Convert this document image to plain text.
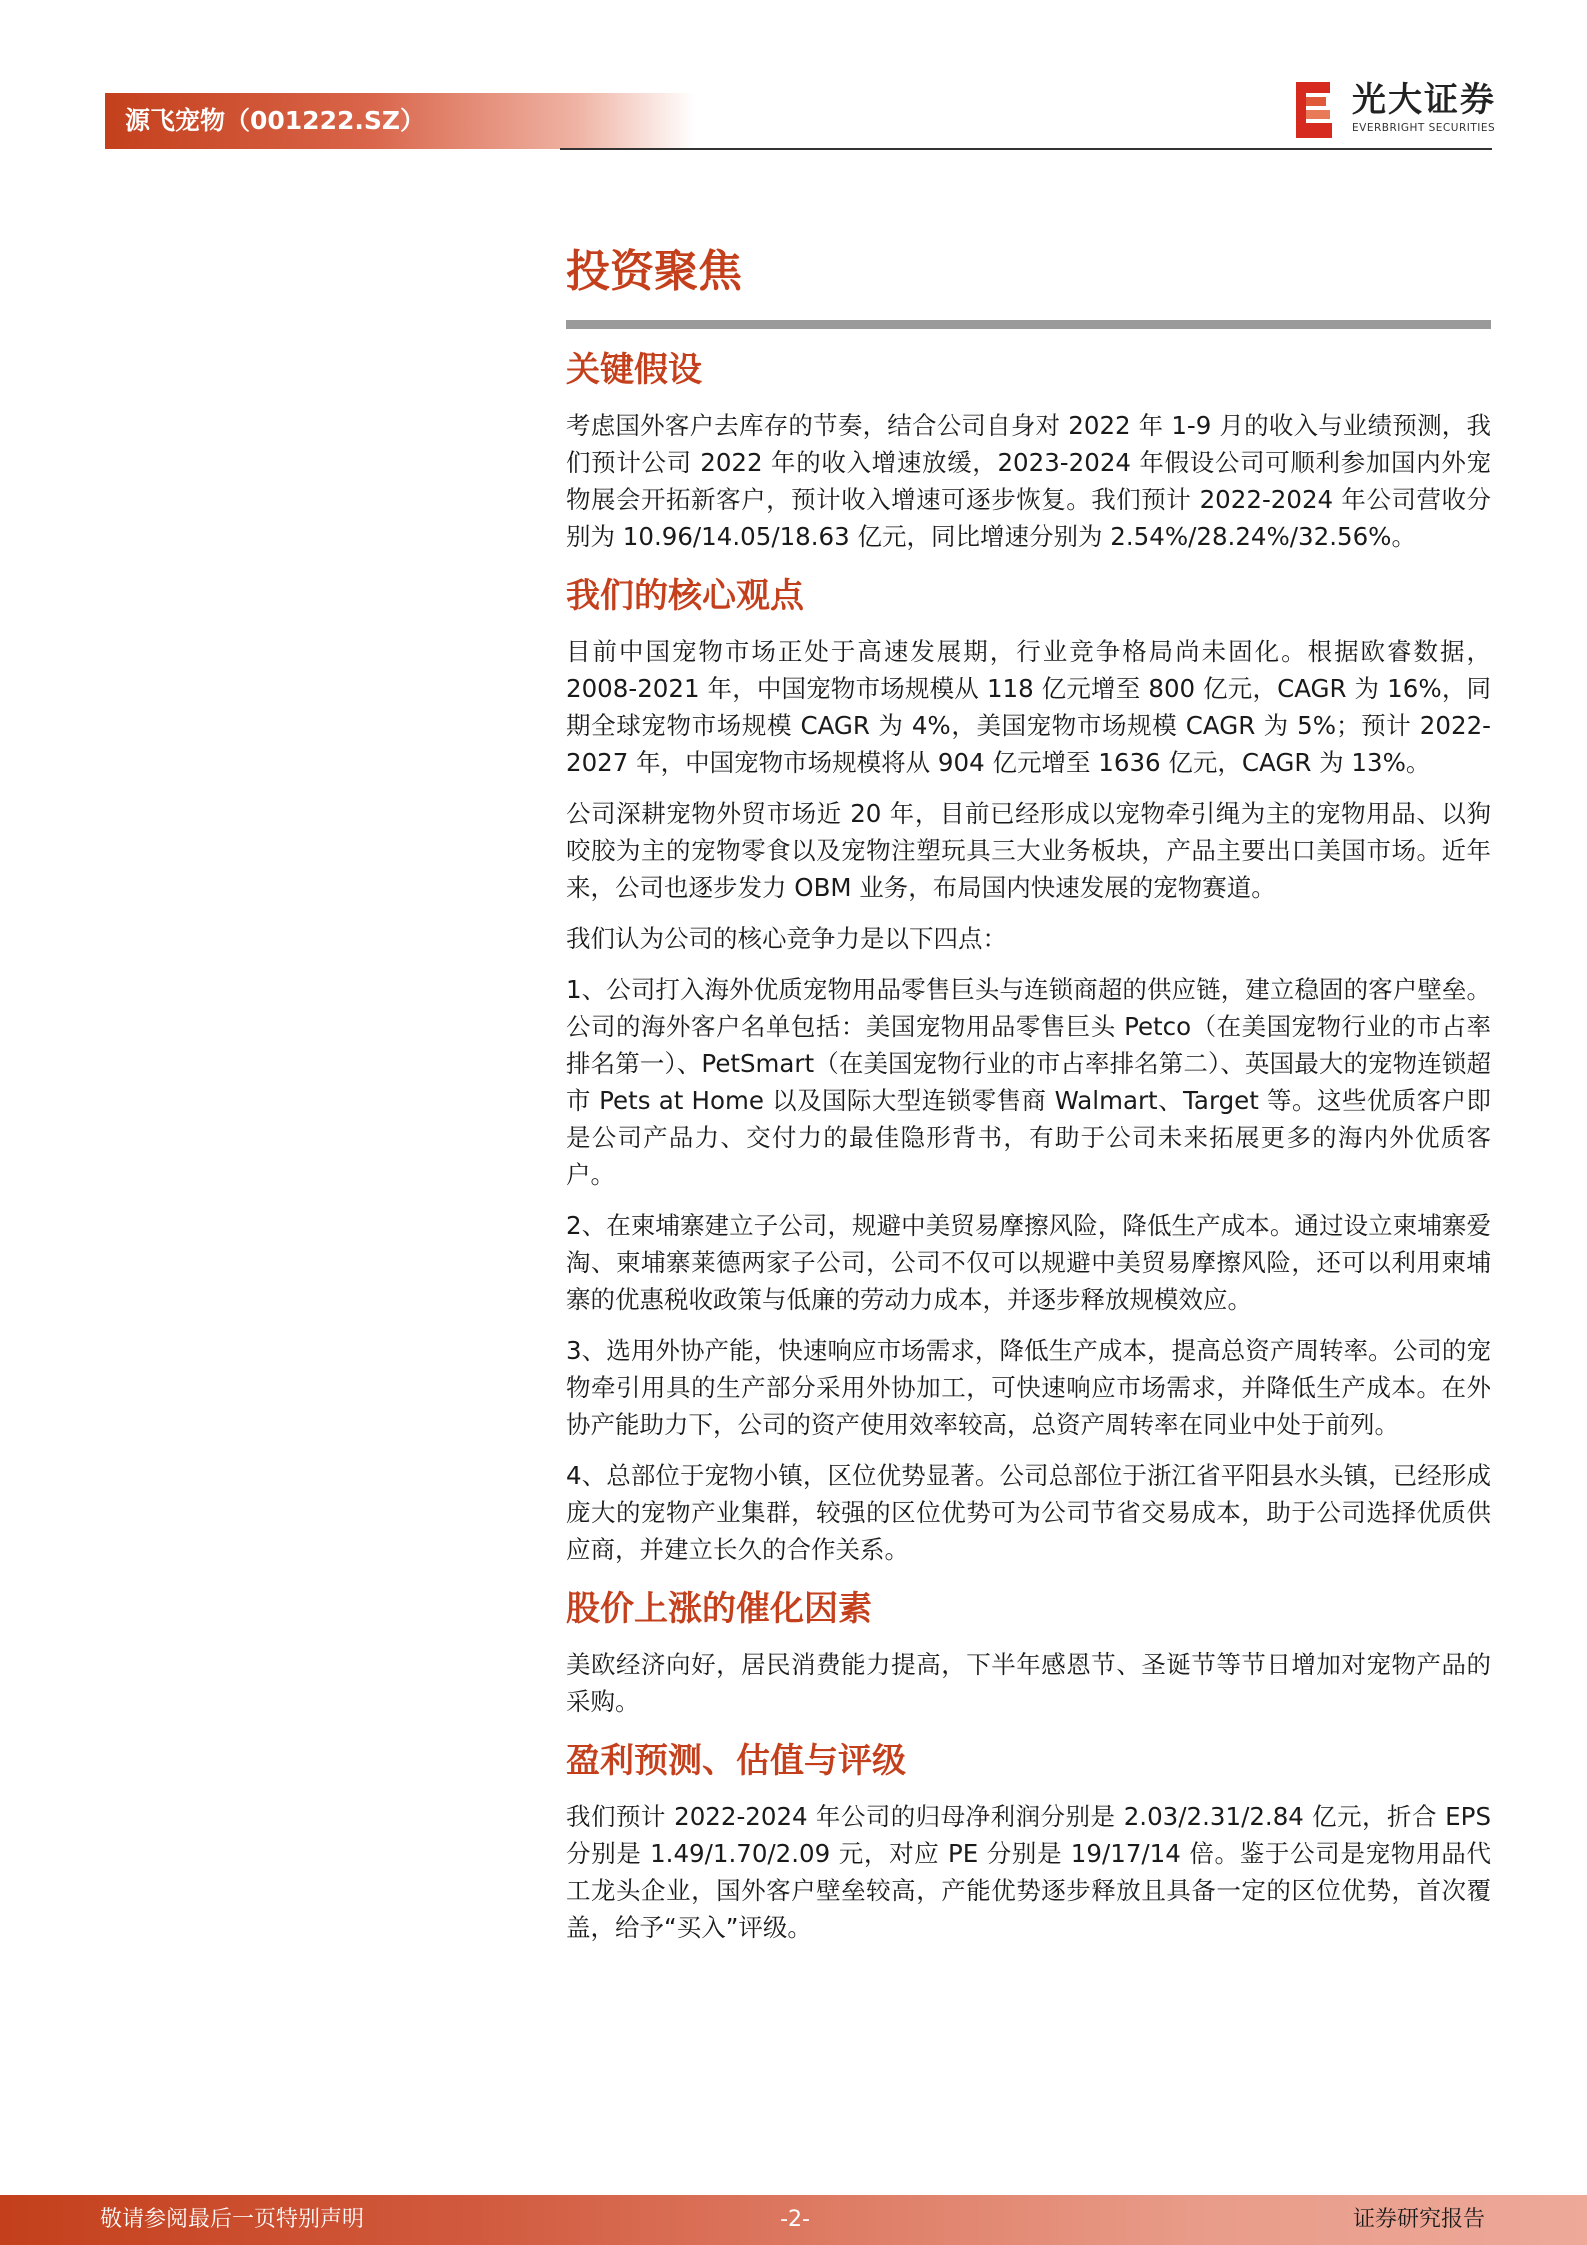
源飞宠物（001222.SZ）
光大证券
EVERBRIGHT SECURITIES
投资聚焦
关键假设

考虑国外客户去库存的节奏，结合公司自身对 2022 年 1-9 月的收入与业绩预测，我们预计公司 2022 年的收入增速放缓，2023-2024 年假设公司可顺利参加国内外宠物展会开拓新客户，预计收入增速可逐步恢复。我们预计 2022-2024 年公司营收分别为 10.96/14.05/18.63 亿元，同比增速分别为 2.54%/28.24%/32.56%。

我们的核心观点

目前中国宠物市场正处于高速发展期，行业竞争格局尚未固化。根据欧睿数据，2008-2021 年，中国宠物市场规模从 118 亿元增至 800 亿元，CAGR 为 16%，同期全球宠物市场规模 CAGR 为 4%，美国宠物市场规模 CAGR 为 5%；预计 2022-2027 年，中国宠物市场规模将从 904 亿元增至 1636 亿元，CAGR 为 13%。

公司深耕宠物外贸市场近 20 年，目前已经形成以宠物牵引绳为主的宠物用品、以狗咬胶为主的宠物零食以及宠物注塑玩具三大业务板块，产品主要出口美国市场。近年来，公司也逐步发力 OBM 业务，布局国内快速发展的宠物赛道。

我们认为公司的核心竞争力是以下四点：

1、公司打入海外优质宠物用品零售巨头与连锁商超的供应链，建立稳固的客户壁垒。公司的海外客户名单包括：美国宠物用品零售巨头 Petco（在美国宠物行业的市占率排名第一）、PetSmart（在美国宠物行业的市占率排名第二）、英国最大的宠物连锁超市 Pets at Home 以及国际大型连锁零售商 Walmart、Target 等。这些优质客户即是公司产品力、交付力的最佳隐形背书，有助于公司未来拓展更多的海内外优质客户。

2、在柬埔寨建立子公司，规避中美贸易摩擦风险，降低生产成本。通过设立柬埔寨爱淘、柬埔寨莱德两家子公司，公司不仅可以规避中美贸易摩擦风险，还可以利用柬埔寨的优惠税收政策与低廉的劳动力成本，并逐步释放规模效应。

3、选用外协产能，快速响应市场需求，降低生产成本，提高总资产周转率。公司的宠物牵引用具的生产部分采用外协加工，可快速响应市场需求，并降低生产成本。在外协产能助力下，公司的资产使用效率较高，总资产周转率在同业中处于前列。

4、总部位于宠物小镇，区位优势显著。公司总部位于浙江省平阳县水头镇，已经形成庞大的宠物产业集群，较强的区位优势可为公司节省交易成本，助于公司选择优质供应商，并建立长久的合作关系。

股价上涨的催化因素

美欧经济向好，居民消费能力提高，下半年感恩节、圣诞节等节日增加对宠物产品的采购。

盈利预测、估值与评级

我们预计 2022-2024 年公司的归母净利润分别是 2.03/2.31/2.84 亿元，折合 EPS 分别是 1.49/1.70/2.09 元，对应 PE 分别是 19/17/14 倍。鉴于公司是宠物用品代工龙头企业，国外客户壁垒较高，产能优势逐步释放且具备一定的区位优势，首次覆盖，给予“买入”评级。

敬请参阅最后一页特别声明	-2-	证券研究报告
